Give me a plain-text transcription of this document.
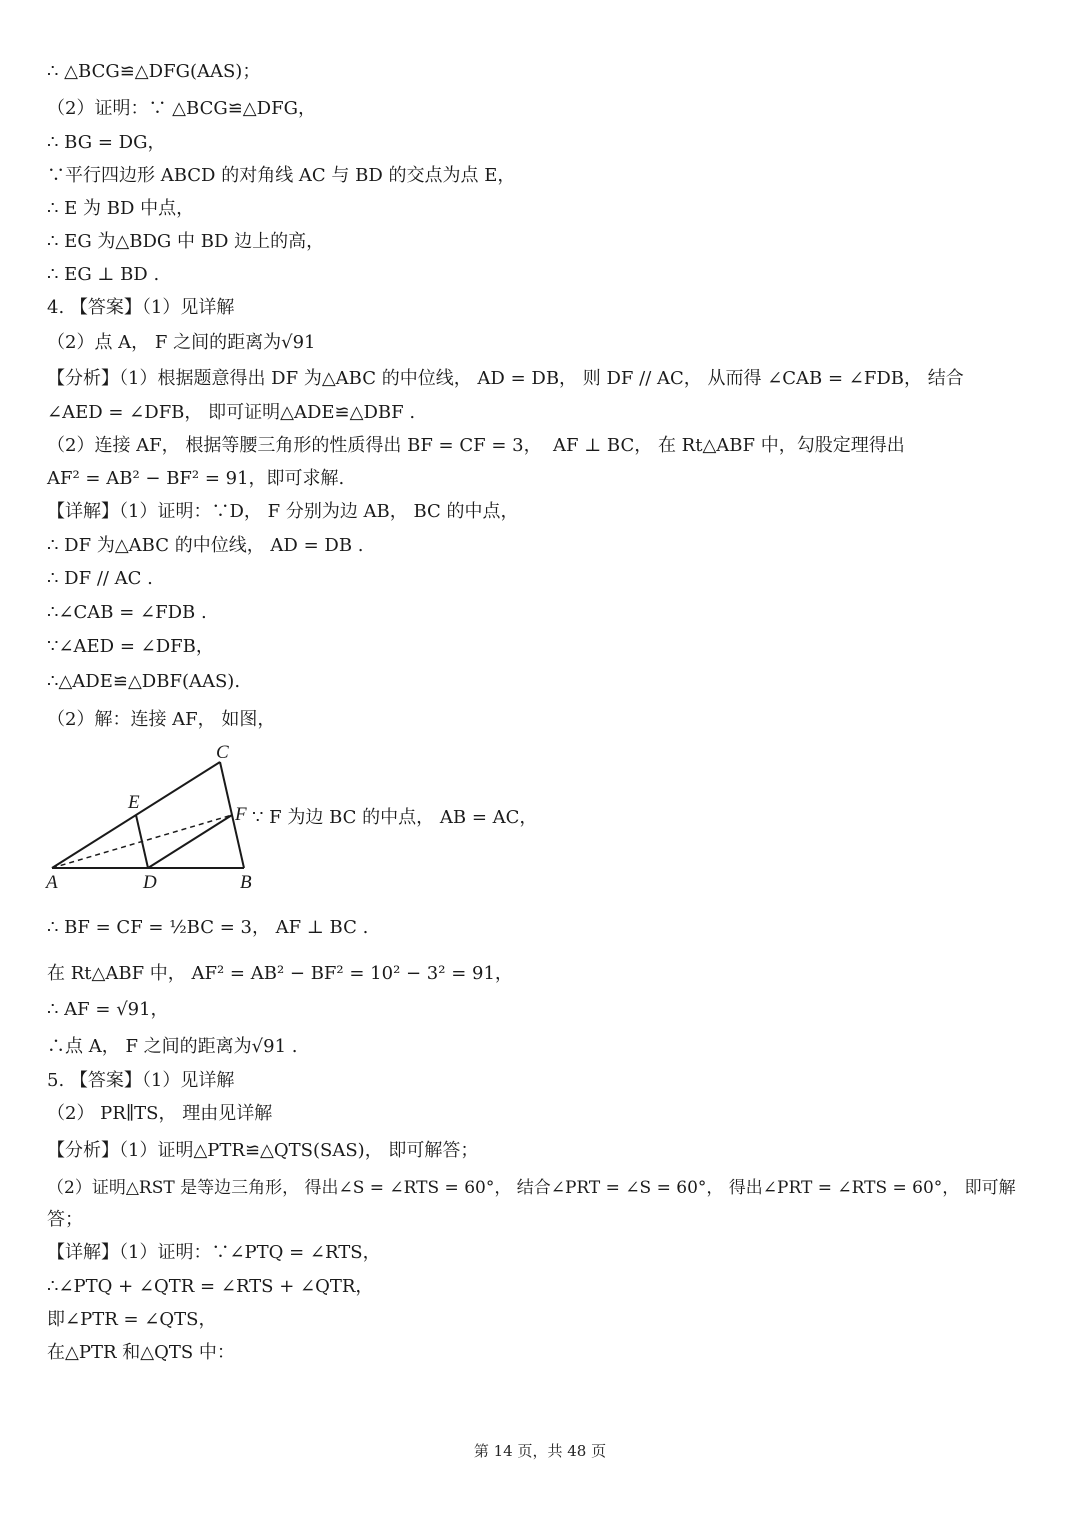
∴ △BCG≌△DFG(AAS)；
（2）证明：∵ △BCG≌△DFG，
∴ BG = DG，
∵平行四边形 ABCD 的对角线 AC 与 BD 的交点为点 E，
∴ E 为 BD 中点，
∴ EG 为△BDG 中 BD 边上的高，
∴ EG ⊥ BD .
4. 【答案】（1）见详解
（2）点 A， F 之间的距离为√91
【分析】（1）根据题意得出 DF 为△ABC 的中位线， AD = DB， 则 DF // AC， 从而得 ∠CAB = ∠FDB， 结合
∠AED = ∠DFB， 即可证明△ADE≌△DBF .
（2）连接 AF， 根据等腰三角形的性质得出 BF = CF = 3，  AF ⊥ BC， 在 Rt△ABF 中，勾股定理得出
AF² = AB² − BF² = 91，即可求解.
【详解】（1）证明：∵D， F 分别为边 AB， BC 的中点，
∴ DF 为△ABC 的中位线， AD = DB .
∴ DF // AC .
∴∠CAB = ∠FDB .
∵∠AED = ∠DFB，
∴△ADE≌△DBF(AAS).
（2）解：连接 AF， 如图，
A	D	B
C
E
F ∵ F 为边 BC 的中点， AB = AC，
∴ BF = CF = ½BC = 3， AF ⊥ BC .
在 Rt△ABF 中， AF² = AB² − BF² = 10² − 3² = 91，
∴ AF = √91，
∴点 A， F 之间的距离为√91 .
5. 【答案】（1）见详解
（2） PR∥TS， 理由见详解
【分析】（1）证明△PTR≌△QTS(SAS)， 即可解答；
（2）证明△RST 是等边三角形， 得出∠S = ∠RTS = 60°， 结合∠PRT = ∠S = 60°， 得出∠PRT = ∠RTS = 60°， 即可解
答；
【详解】（1）证明：∵∠PTQ = ∠RTS，
∴∠PTQ + ∠QTR = ∠RTS + ∠QTR，
即∠PTR = ∠QTS，
在△PTR 和△QTS 中：
第 14 页，共 48 页
